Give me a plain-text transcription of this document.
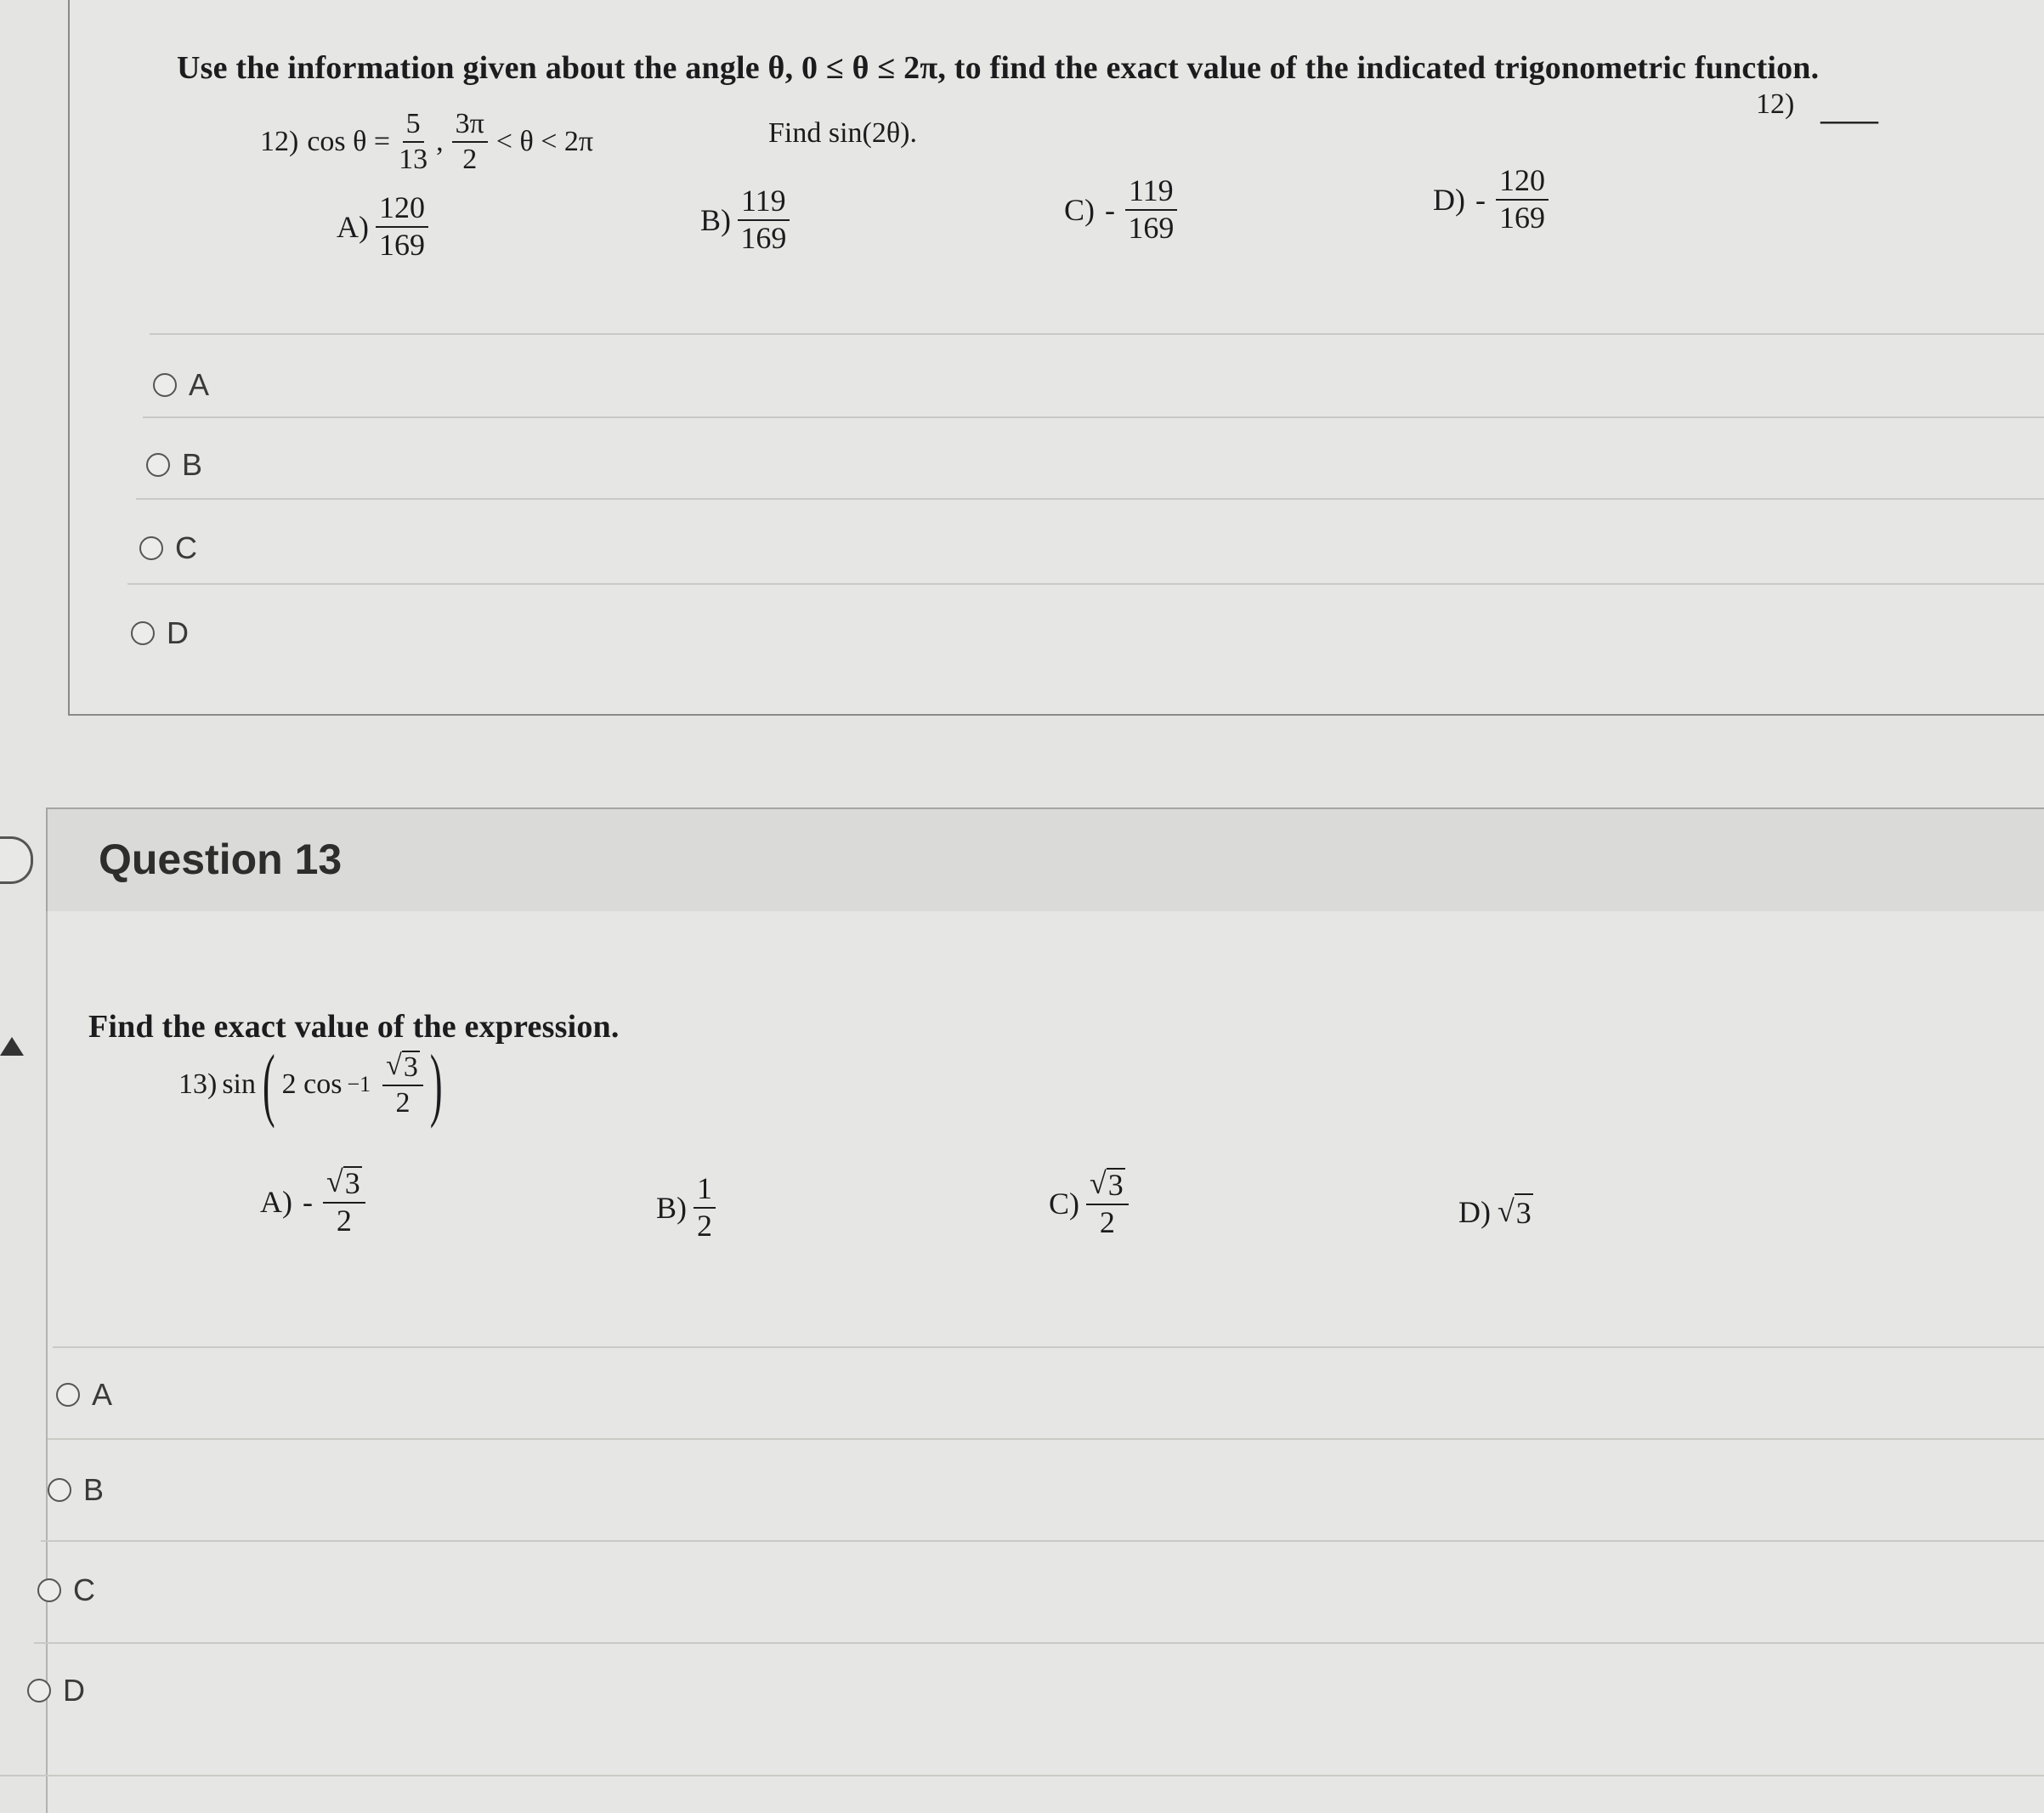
Use the information given about the angle θ, 0 ≤ θ ≤ 2π, to find the exact value of the indicated trigonometric function.
12) ____
12) $\cos \theta = \frac{5}{13}$ , $\frac{3\pi}{2} < \theta < 2\pi$	Find sin(2θ).
$A) \frac{120}{169}$	$B) \frac{119}{169}$	$C) - \frac{119}{169}$	$D) - \frac{120}{169}$
A
B
C
D
Question 13
Find the exact value of the expression.
13) sin ( 2 $\cos -1 \frac{√ 3}{2}$ )
$A) - \frac{√ 3}{2}$	$B) \frac{1}{2}$	$C) \frac{√ 3}{2}$	D) √ 3
A
B
C
D
